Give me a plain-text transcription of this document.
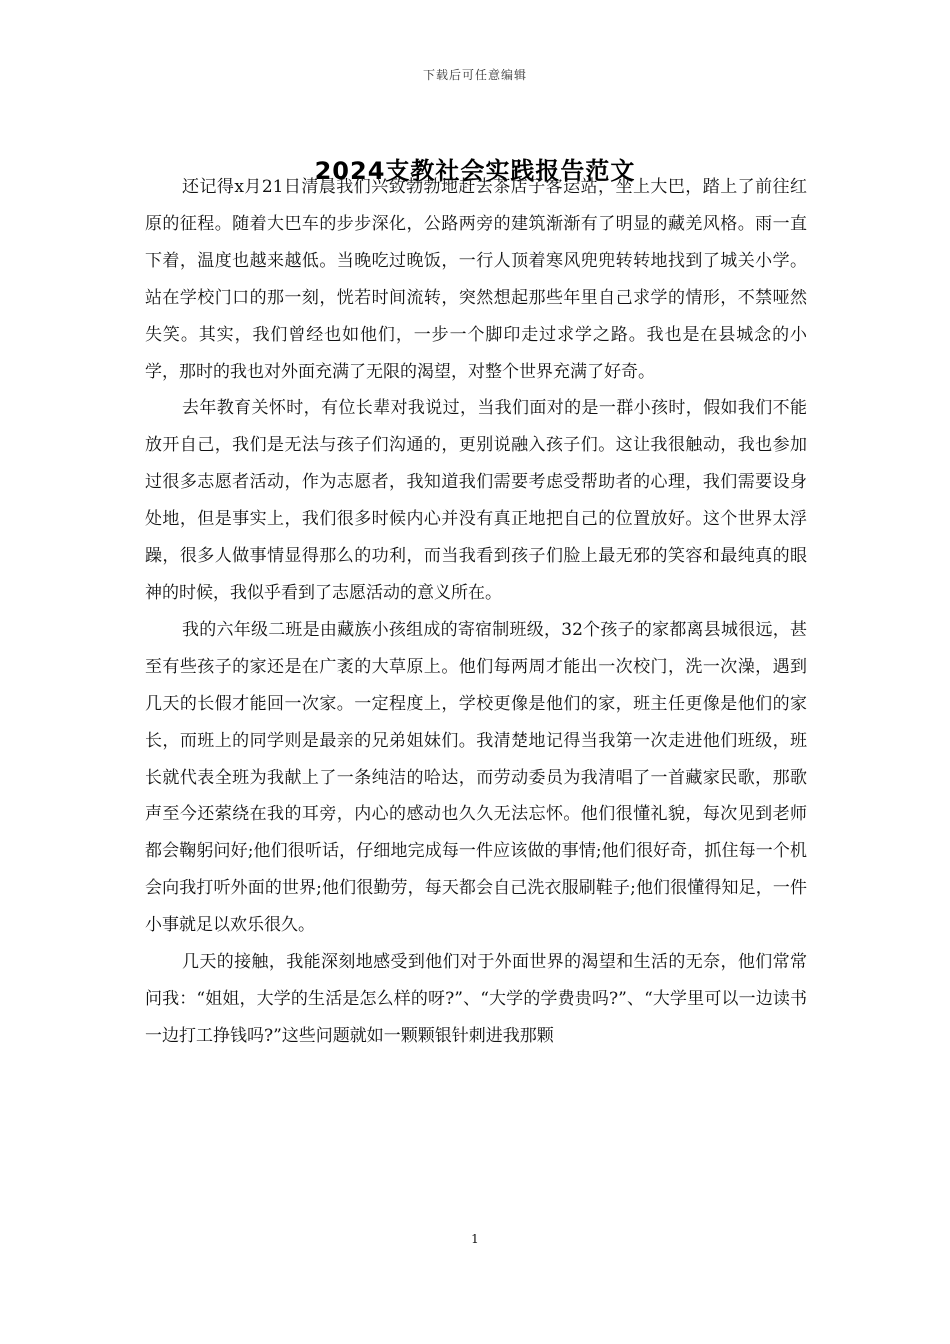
下载后可任意编辑
2024支教社会实践报告范文

还记得x月21日清晨我们兴致勃勃地赶去茶店子客运站，坐上大巴，踏上了前往红原的征程。随着大巴车的步步深化，公路两旁的建筑渐渐有了明显的藏羌风格。雨一直下着，温度也越来越低。当晚吃过晚饭，一行人顶着寒风兜兜转转地找到了城关小学。站在学校门口的那一刻，恍若时间流转，突然想起那些年里自己求学的情形，不禁哑然失笑。其实，我们曾经也如他们，一步一个脚印走过求学之路。我也是在县城念的小学，那时的我也对外面充满了无限的渴望，对整个世界充满了好奇。

去年教育关怀时，有位长辈对我说过，当我们面对的是一群小孩时，假如我们不能放开自己，我们是无法与孩子们沟通的，更别说融入孩子们。这让我很触动，我也参加过很多志愿者活动，作为志愿者，我知道我们需要考虑受帮助者的心理，我们需要设身处地，但是事实上，我们很多时候内心并没有真正地把自己的位置放好。这个世界太浮躁，很多人做事情显得那么的功利，而当我看到孩子们脸上最无邪的笑容和最纯真的眼神的时候，我似乎看到了志愿活动的意义所在。

我的六年级二班是由藏族小孩组成的寄宿制班级，32个孩子的家都离县城很远，甚至有些孩子的家还是在广袤的大草原上。他们每两周才能出一次校门，洗一次澡，遇到几天的长假才能回一次家。一定程度上，学校更像是他们的家，班主任更像是他们的家长，而班上的同学则是最亲的兄弟姐妹们。我清楚地记得当我第一次走进他们班级，班长就代表全班为我献上了一条纯洁的哈达，而劳动委员为我清唱了一首藏家民歌，那歌声至今还萦绕在我的耳旁，内心的感动也久久无法忘怀。他们很懂礼貌，每次见到老师都会鞠躬问好;他们很听话，仔细地完成每一件应该做的事情;他们很好奇，抓住每一个机会向我打听外面的世界;他们很勤劳，每天都会自己洗衣服刷鞋子;他们很懂得知足，一件小事就足以欢乐很久。

几天的接触，我能深刻地感受到他们对于外面世界的渴望和生活的无奈，他们常常问我：“姐姐，大学的生活是怎么样的呀?”、“大学的学费贵吗?”、“大学里可以一边读书一边打工挣钱吗?”这些问题就如一颗颗银针刺进我那颗

1
